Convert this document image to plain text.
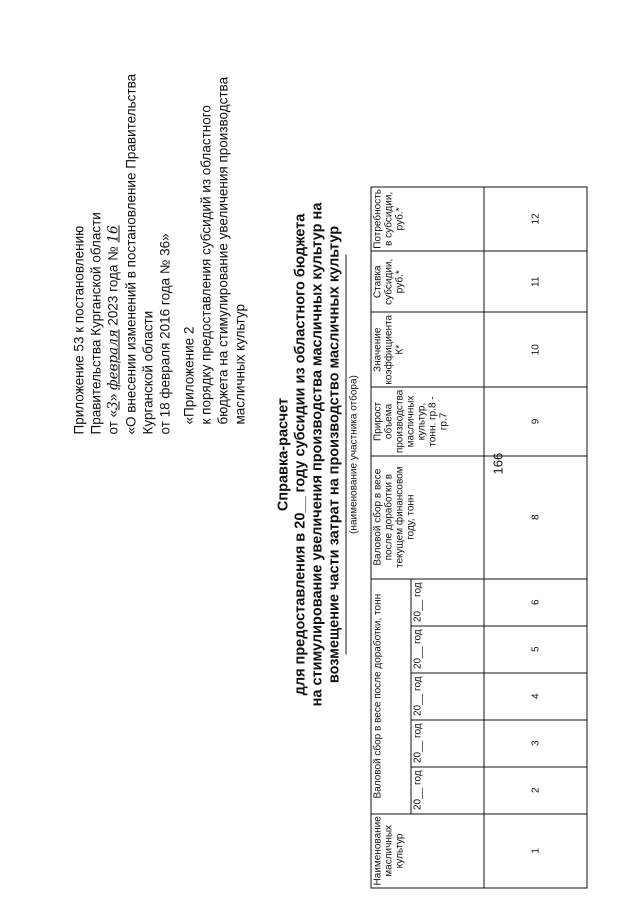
166
Приложение 53 к постановлению Правительства Курганской области от «3» февраля 2023 года № 16 «О внесении изменений в постановление Правительства Курганской области от 18 февраля 2016 года № 36» «Приложение 2 к порядку предоставления субсидий из областного бюджета на стимулирование увеличения производства масличных культур
Справка-расчет для предоставления в 20__ году субсидии из областного бюджета на стимулирование увеличения производства масличных культур на возмещение части затрат на производство масличных культур (наименование участника отбора)
Наименование масличных культур	Валовой сбор в весе после доработки, тонн					Валовой сбор в весе после доработки в текущем финансовом году, тонн	Прирост объема производства масличных культур, тонн. гр.8 - гр.7	Значение коэффициента К*	Ставка субсидии, руб.*	Потребность в субсидии, руб.*
	20__ год	20__ год	20__ год	20__ год	20__ год					
1	2	3	4	5	6	8	9	10	11	12
